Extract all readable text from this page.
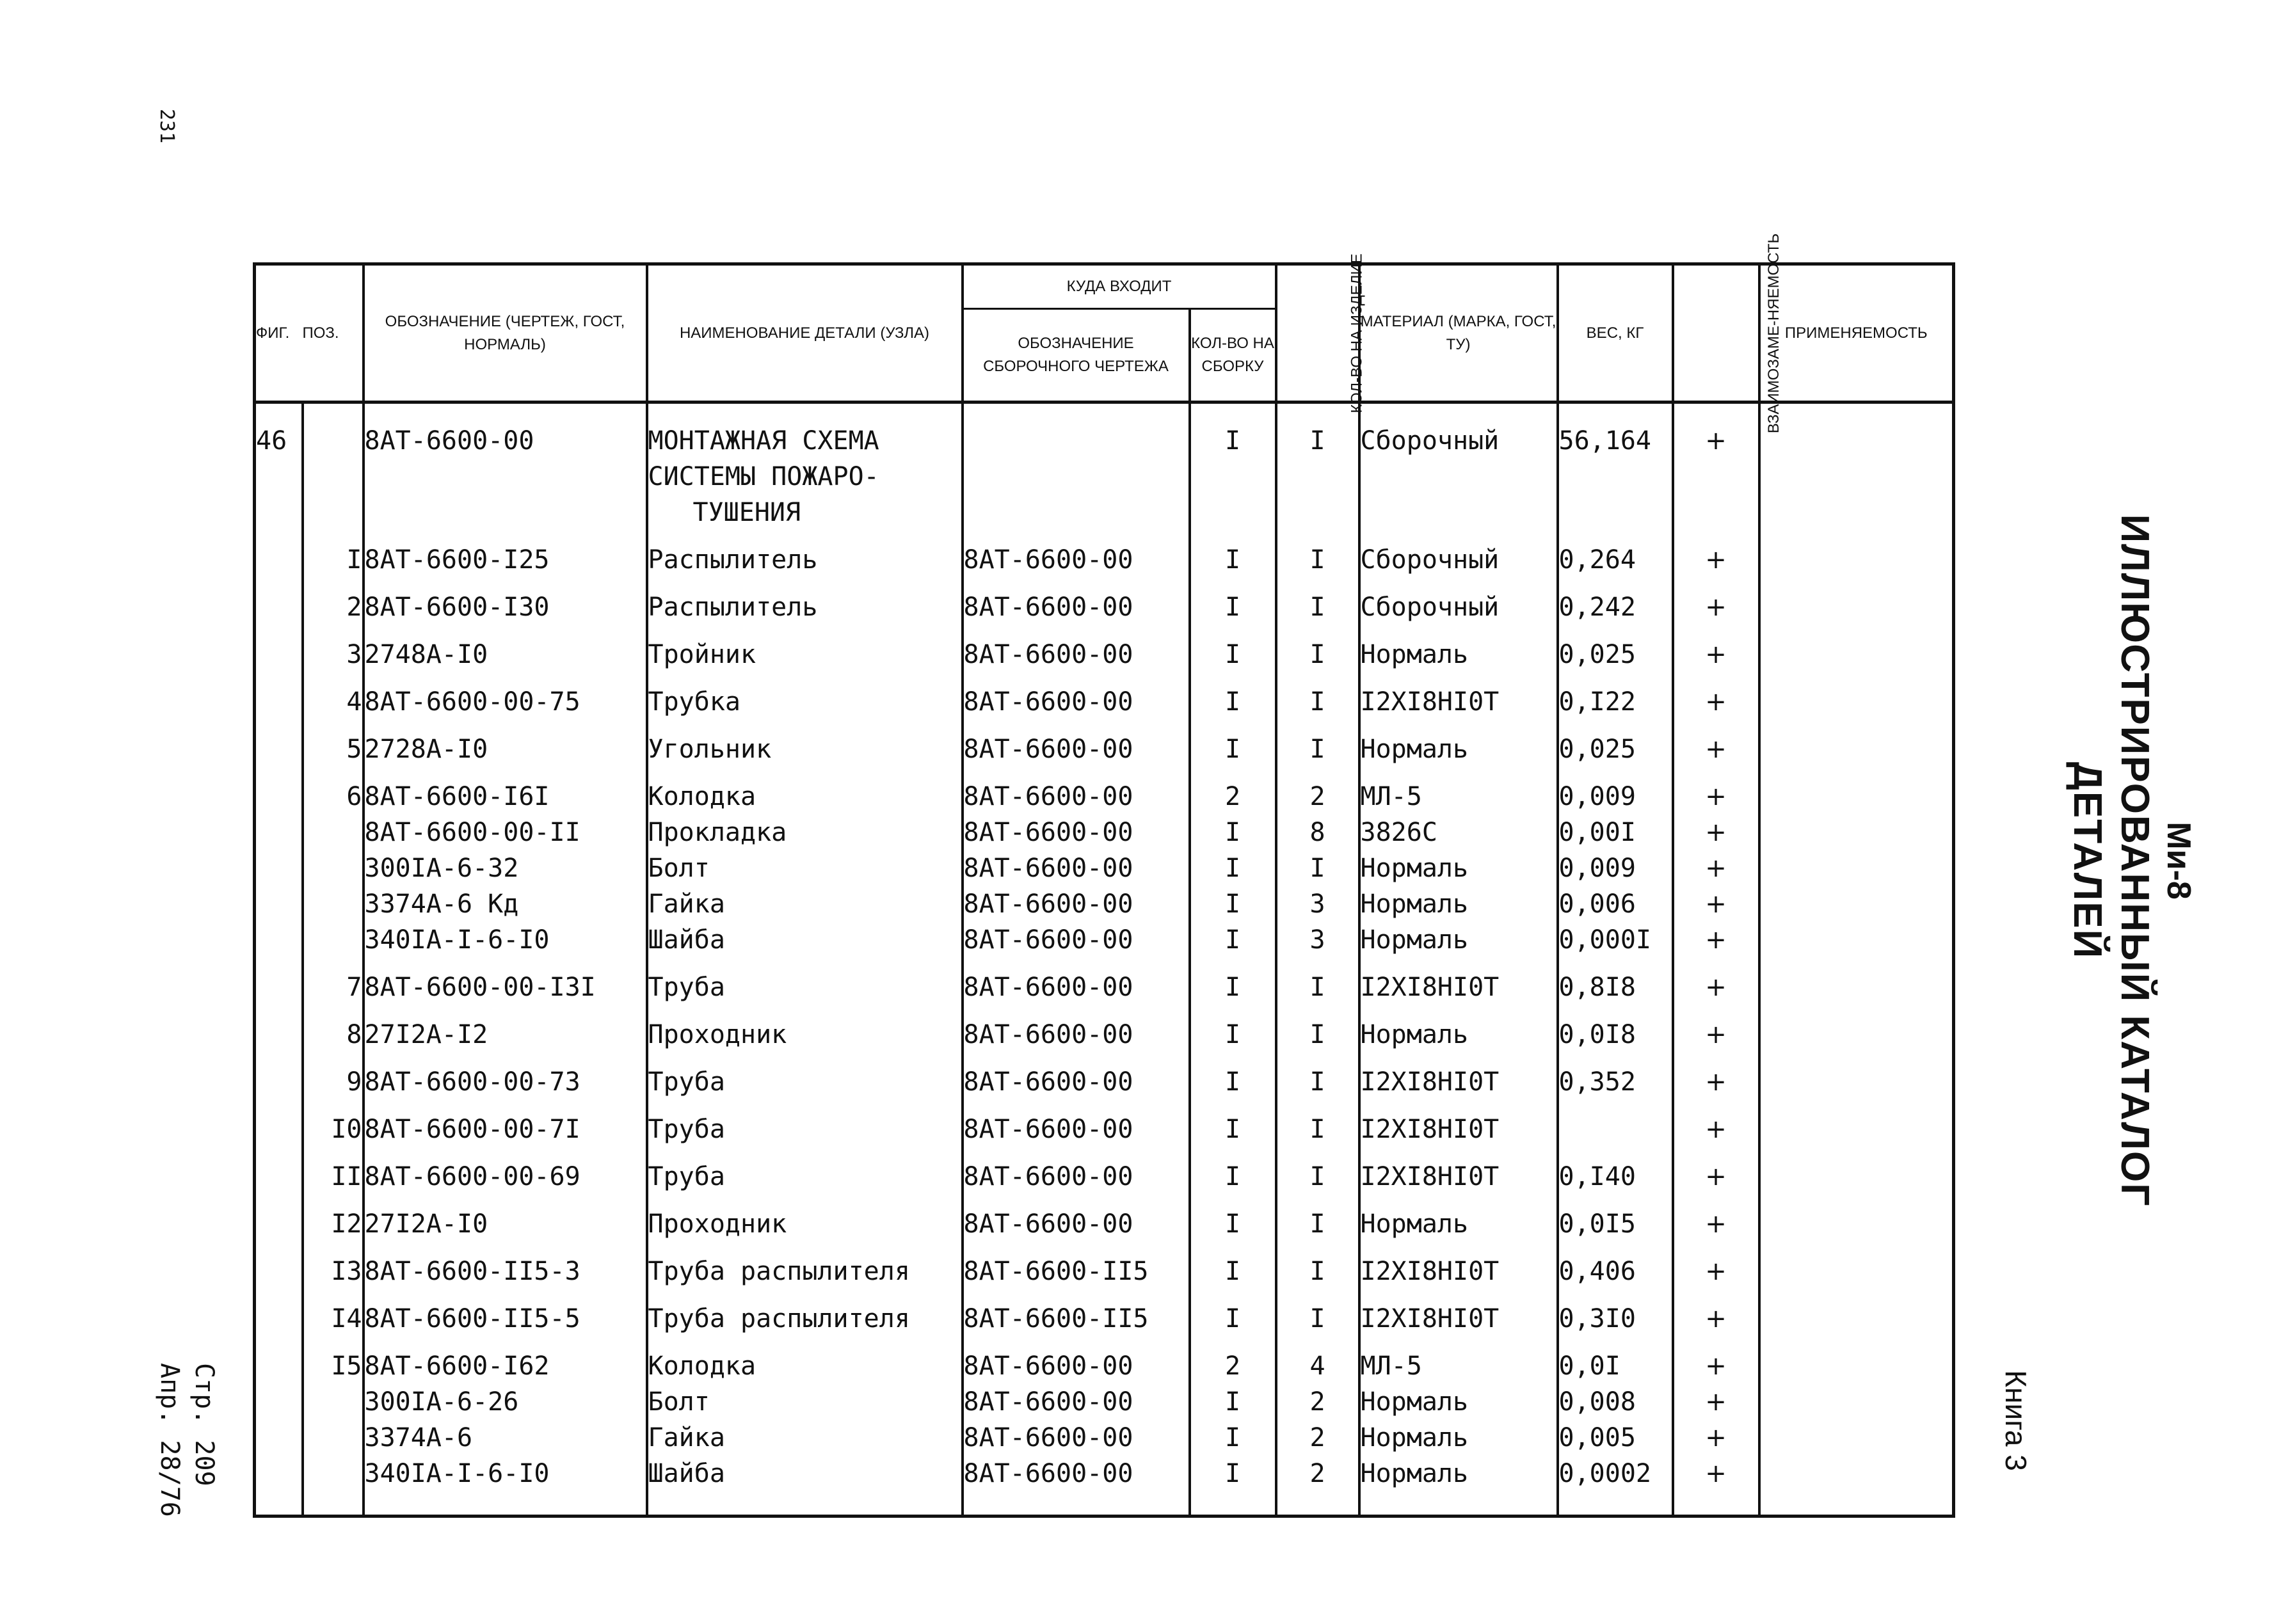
231
Ми-8
ИЛЛЮСТРИРОВАННЫЙ КАТАЛОГ ДЕТАЛЕЙ
Книга 3
Стр. 209
Апр. 28/76
ФИГ.	ПОЗ.	ОБОЗНАЧЕНИЕ (ЧЕРТЕЖ, ГОСТ, НОРМАЛЬ)	НАИМЕНОВАНИЕ ДЕТАЛИ (УЗЛА)	КУДА ВХОДИТ		КОЛ-ВО НА ИЗДЕЛИЕ	МАТЕРИАЛ (МАРКА, ГОСТ, ТУ)	ВЕС, КГ	ВЗАИМОЗАМЕ-НЯЕМОСТЬ	ПРИМЕНЯЕМОСТЬ
				ОБОЗНАЧЕНИЕ СБОРОЧНОГО ЧЕРТЕЖА	КОЛ-ВО НА СБОРКУ					
46		8АТ-6600-00	МОНТАЖНАЯ СХЕМА
СИСТЕМЫ ПОЖАРО-
ТУШЕНИЯ		I	I	Сборочный	56,164	+	
	I	8АТ-6600-I25	Распылитель	8АТ-6600-00	I	I	Сборочный	0,264	+	
	2	8АТ-6600-I30	Распылитель	8АТ-6600-00	I	I	Сборочный	0,242	+	
	3	2748А-I0	Тройник	8АТ-6600-00	I	I	Нормаль	0,025	+	
	4	8АТ-6600-00-75	Трубка	8АТ-6600-00	I	I	I2XI8HI0T	0,I22	+	
	5	2728А-I0	Угольник	8АТ-6600-00	I	I	Нормаль	0,025	+	
	6	8АТ-6600-I6I	Колодка	8АТ-6600-00	2	2	МЛ-5	0,009	+	
		8АТ-6600-00-II	Прокладка	8АТ-6600-00	I	8	3826С	0,00I	+	
		300IА-6-32	Болт	8АТ-6600-00	I	I	Нормаль	0,009	+	
		3374А-6 Кд	Гайка	8АТ-6600-00	I	3	Нормаль	0,006	+	
		340IА-I-6-I0	Шайба	8АТ-6600-00	I	3	Нормаль	0,000I	+	
	7	8АТ-6600-00-I3I	Труба	8АТ-6600-00	I	I	I2XI8HI0T	0,8I8	+	
	8	27I2А-I2	Проходник	8АТ-6600-00	I	I	Нормаль	0,0I8	+	
	9	8АТ-6600-00-73	Труба	8АТ-6600-00	I	I	I2XI8HI0T	0,352	+	
	I0	8АТ-6600-00-7I	Труба	8АТ-6600-00	I	I	I2XI8HI0T		+	
	II	8АТ-6600-00-69	Труба	8АТ-6600-00	I	I	I2XI8HI0T	0,I40	+	
	I2	27I2А-I0	Проходник	8АТ-6600-00	I	I	Нормаль	0,0I5	+	
	I3	8АТ-6600-II5-3	Труба распылителя	8АТ-6600-II5	I	I	I2XI8HI0T	0,406	+	
	I4	8АТ-6600-II5-5	Труба распылителя	8АТ-6600-II5	I	I	I2XI8HI0T	0,3I0	+	
	I5	8АТ-6600-I62	Колодка	8АТ-6600-00	2	4	МЛ-5	0,0I	+	
		300IА-6-26	Болт	8АТ-6600-00	I	2	Нормаль	0,008	+	
		3374А-6	Гайка	8АТ-6600-00	I	2	Нормаль	0,005	+	
		340IА-I-6-I0	Шайба	8АТ-6600-00	I	2	Нормаль	0,0002	+	
